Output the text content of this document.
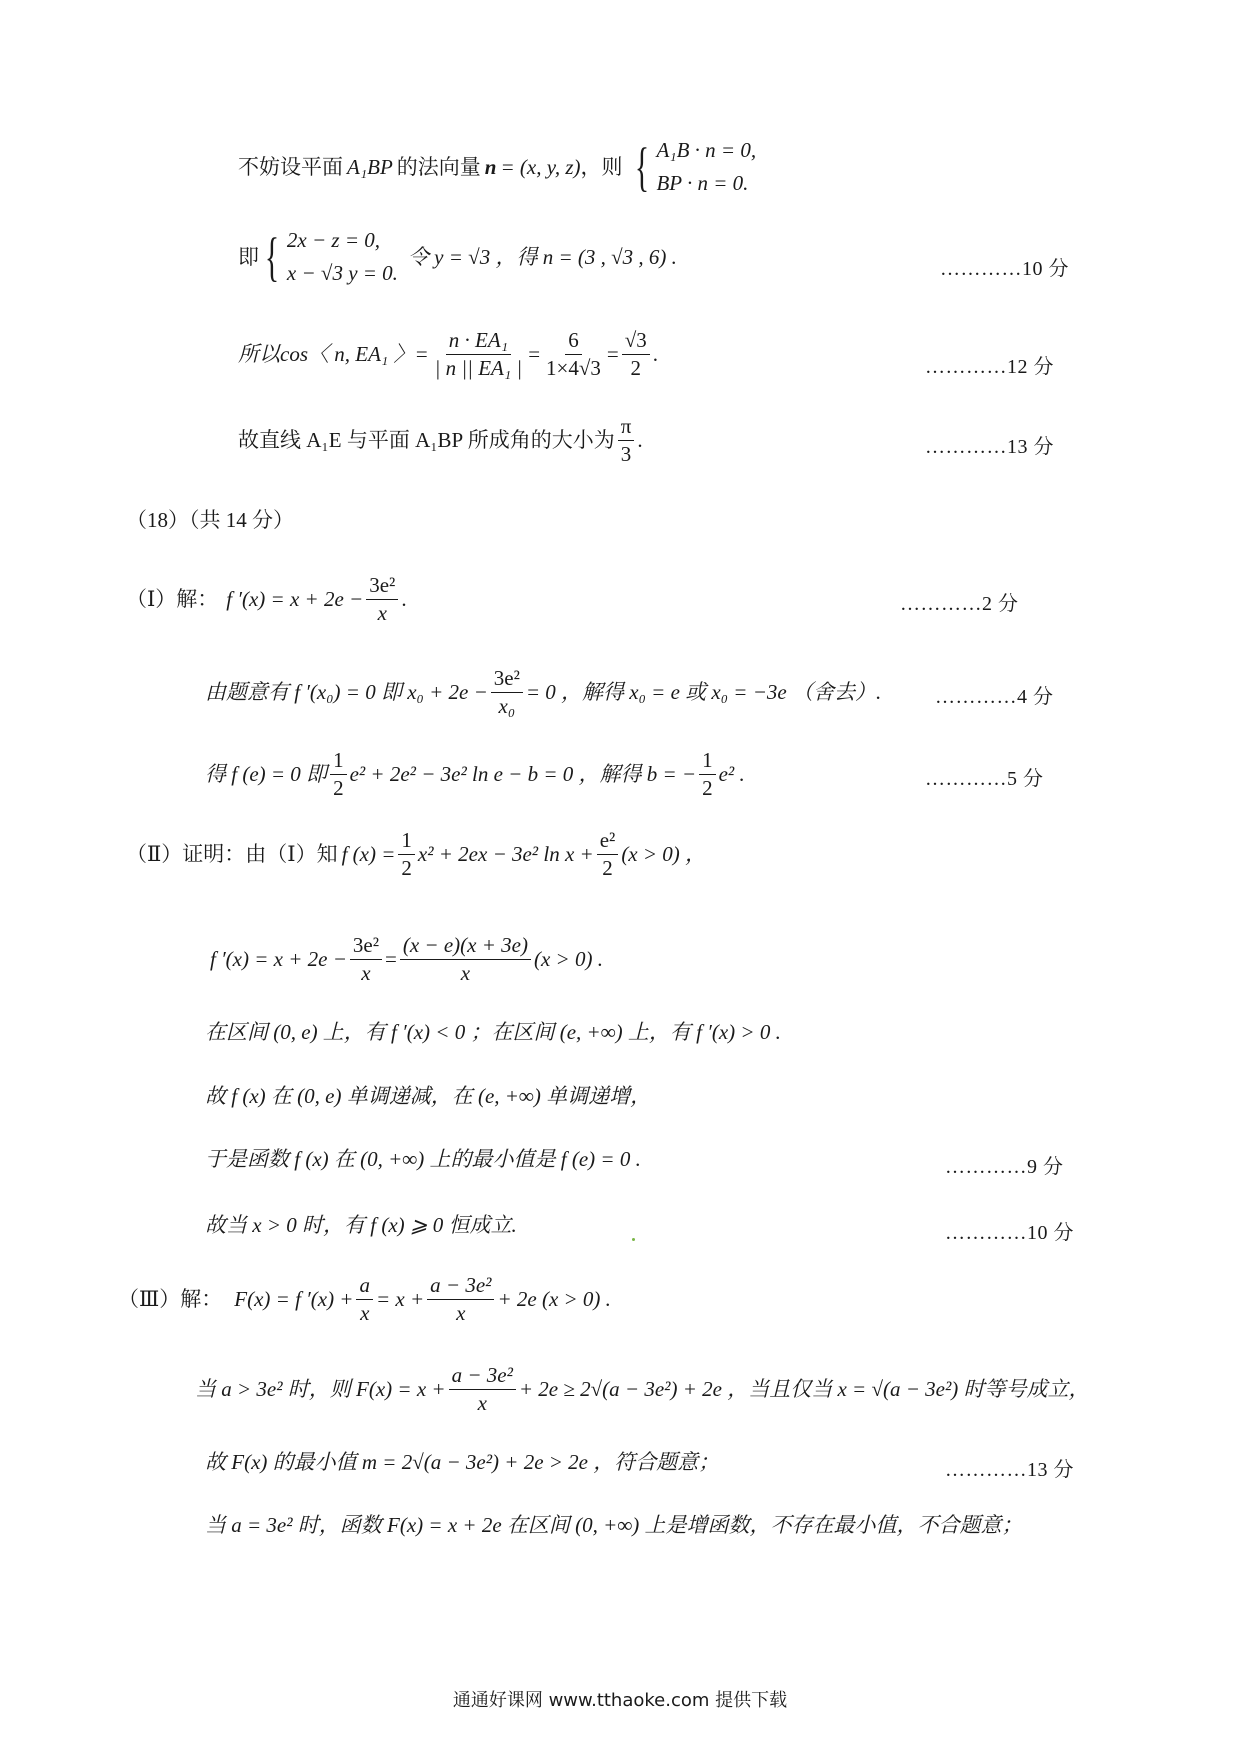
不妨设平面 A₁BP 的法向量 n = (x, y, z) ，则 { A₁B · n = 0,
BP · n = 0.
即 { 2x − z = 0,
x − √3 y = 0.
令 y = √3 ，得 n = (3 , √3 , 6) .
…………10 分
所以cos〈 n, EA₁ 〉= $\frac{\text{n · EA₁}}{\text{| n || EA₁ |}} = \frac{6}{1\times 4√3} = \frac{√3}{2}$ .
…………12 分
故直线 A₁E 与平面 A₁BP 所成角的大小为 $\frac{\pi}{3}$ .	…………13 分
（18）（共 14 分）
（Ⅰ）解： f $'(x) = x + 2e - \frac{\text{3e²}}{x}$ .	…………2 分
由题意有 f ′(x₀) = 0 即 $x_0 + 2e - \frac{\text{3e²}}{\text{x₀}} = 0$ ，解得 x₀ = e 或 x₀ = −3e （舍去）.	…………4 分
得 f (e) = 0 即 $\frac{1}{2} e^2 + 2e^2 - 3e^2$ ln e − b = 0 ，解得 b = − $\frac{1}{2} e^2$ .	…………5 分
（Ⅱ）证明：由（Ⅰ）知 f $(x) = \frac{1}{2} x^2 + 2ex - 3e^2$ $\ln x + \frac{\text{e²}}{2} (x > 0)$ ，
f $'(x) = x + 2e - \frac{\text{3e²}}{x} = \frac{(x - e)(x + 3e)}{x} (x > 0)$ .
在区间 (0, e) 上，有 f ′(x) < 0 ；在区间 (e, +∞) 上，有 f ′(x) > 0 .
故 f (x) 在 (0, e) 单调递减，在 (e, +∞) 单调递增，
于是函数 f (x) 在 (0, +∞) 上的最小值是 f (e) = 0 .	…………9 分
故当 x > 0 时，有 f (x) ⩾ 0 恒成立.	…………10 分
（Ⅲ）解： F(x) = f $'(x) + \frac{a}{x} = x + \frac{\text{a − 3e²}}{x} + 2e$ (x > 0) .
当 a > 3e² 时，则 $F(x) = x + \frac{\text{a − 3e²}}{x} + 2e \ge 2√(a - 3e^2) + 2e$ ，当且仅当 x = √(a − 3e²) 时等号成立，
故 F(x) 的最小值 m = 2√(a − 3e²) + 2e > 2e ，符合题意；	…………13 分
当 a = 3e² 时，函数 F(x) = x + 2e 在区间 (0, +∞) 上是增函数，不存在最小值，不合题意；
通通好课网 www.tthaoke.com 提供下载
